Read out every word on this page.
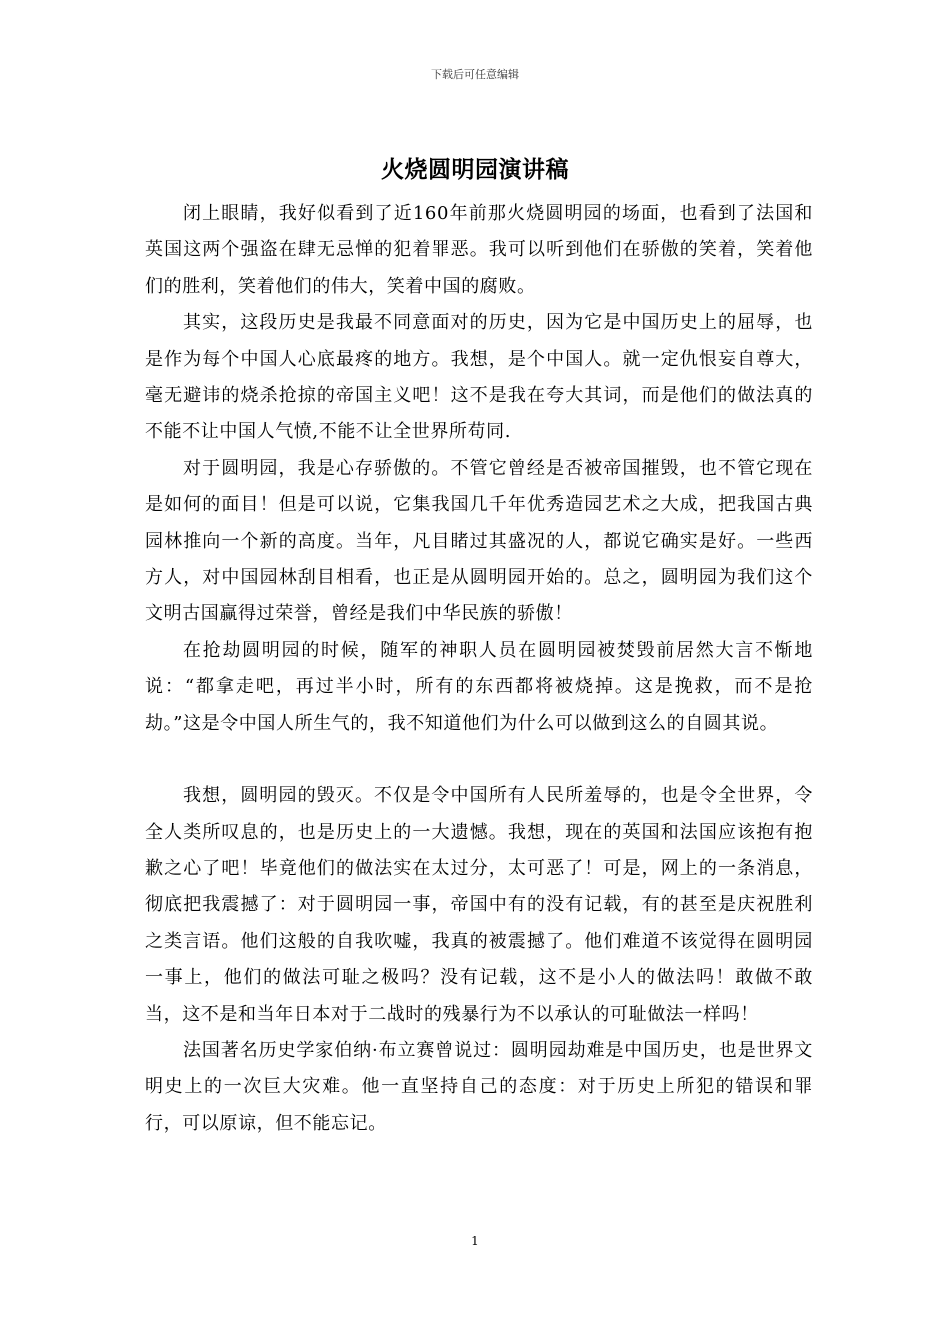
下载后可任意编辑
火烧圆明园演讲稿

闭上眼睛，我好似看到了近160年前那火烧圆明园的场面，也看到了法国和英国这两个强盗在肆无忌惮的犯着罪恶。我可以听到他们在骄傲的笑着，笑着他们的胜利，笑着他们的伟大，笑着中国的腐败。

其实，这段历史是我最不同意面对的历史，因为它是中国历史上的屈辱，也是作为每个中国人心底最疼的地方。我想，是个中国人。就一定仇恨妄自尊大，毫无避讳的烧杀抢掠的帝国主义吧！这不是我在夸大其词，而是他们的做法真的不能不让中国人气愤,不能不让全世界所苟同.

对于圆明园，我是心存骄傲的。不管它曾经是否被帝国摧毁，也不管它现在是如何的面目！但是可以说，它集我国几千年优秀造园艺术之大成，把我国古典园林推向一个新的高度。当年，凡目睹过其盛况的人，都说它确实是好。一些西方人，对中国园林刮目相看，也正是从圆明园开始的。总之，圆明园为我们这个文明古国赢得过荣誉，曾经是我们中华民族的骄傲！

在抢劫圆明园的时候，随军的神职人员在圆明园被焚毁前居然大言不惭地说：“都拿走吧，再过半小时，所有的东西都将被烧掉。这是挽救，而不是抢劫。”这是令中国人所生气的，我不知道他们为什么可以做到这么的自圆其说。

我想，圆明园的毁灭。不仅是令中国所有人民所羞辱的，也是令全世界，令全人类所叹息的，也是历史上的一大遗憾。我想，现在的英国和法国应该抱有抱歉之心了吧！毕竟他们的做法实在太过分，太可恶了！可是，网上的一条消息，彻底把我震撼了：对于圆明园一事，帝国中有的没有记载，有的甚至是庆祝胜利之类言语。他们这般的自我吹嘘，我真的被震撼了。他们难道不该觉得在圆明园一事上，他们的做法可耻之极吗？没有记载，这不是小人的做法吗！敢做不敢当，这不是和当年日本对于二战时的残暴行为不以承认的可耻做法一样吗！

法国著名历史学家伯纳·布立赛曾说过：圆明园劫难是中国历史，也是世界文明史上的一次巨大灾难。他一直坚持自己的态度：对于历史上所犯的错误和罪行，可以原谅，但不能忘记。

1
